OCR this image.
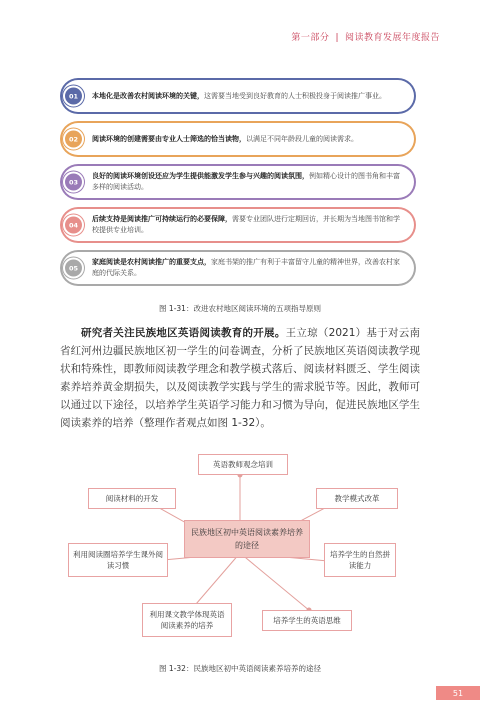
第一部分 | 阅读教育发展年度报告
01	本地化是改善农村阅读环境的关键，这需要当地受到良好教育的人士积极投身于阅读推广事业。
02	阅读环境的创建需要由专业人士筛选的恰当读物，以满足不同年龄段儿童的阅读需求。
03
良好的阅读环境创设还应为学生提供能激发学生参与兴趣的阅读氛围，例如精心设计的图书角和丰富多样的阅读活动。
04
后续支持是阅读推广可持续运行的必要保障，需要专业团队进行定期回访，并长期为当地图书馆和学校提供专业培训。
05
家庭阅读是农村阅读推广的重要支点，家庭书架的推广有利于丰富留守儿童的精神世界，改善农村家庭的代际关系。
图 1-31：改进农村地区阅读环境的五项指导原则
研究者关注民族地区英语阅读教育的开展。王立琼（2021）基于对云南省红河州边疆民族地区初一学生的问卷调查，分析了民族地区英语阅读教学现状和特殊性，即教师阅读教学理念和教学模式落后、阅读材料匮乏、学生阅读素养培养黄金期损失，以及阅读教学实践与学生的需求脱节等。因此，教师可以通过以下途径，以培养学生英语学习能力和习惯为导向，促进民族地区学生阅读素养的培养（整理作者观点如图 1-32）。
英语教师观念培训
阅读材料的开发	教学模式改革
民族地区初中英语阅读素养培养的途径
利用阅读圈培养学生课外阅读习惯
培养学生的自然拼读能力
利用课文教学体现英语阅读素养的培养
培养学生的英语思维
图 1-32：民族地区初中英语阅读素养培养的途径
51
